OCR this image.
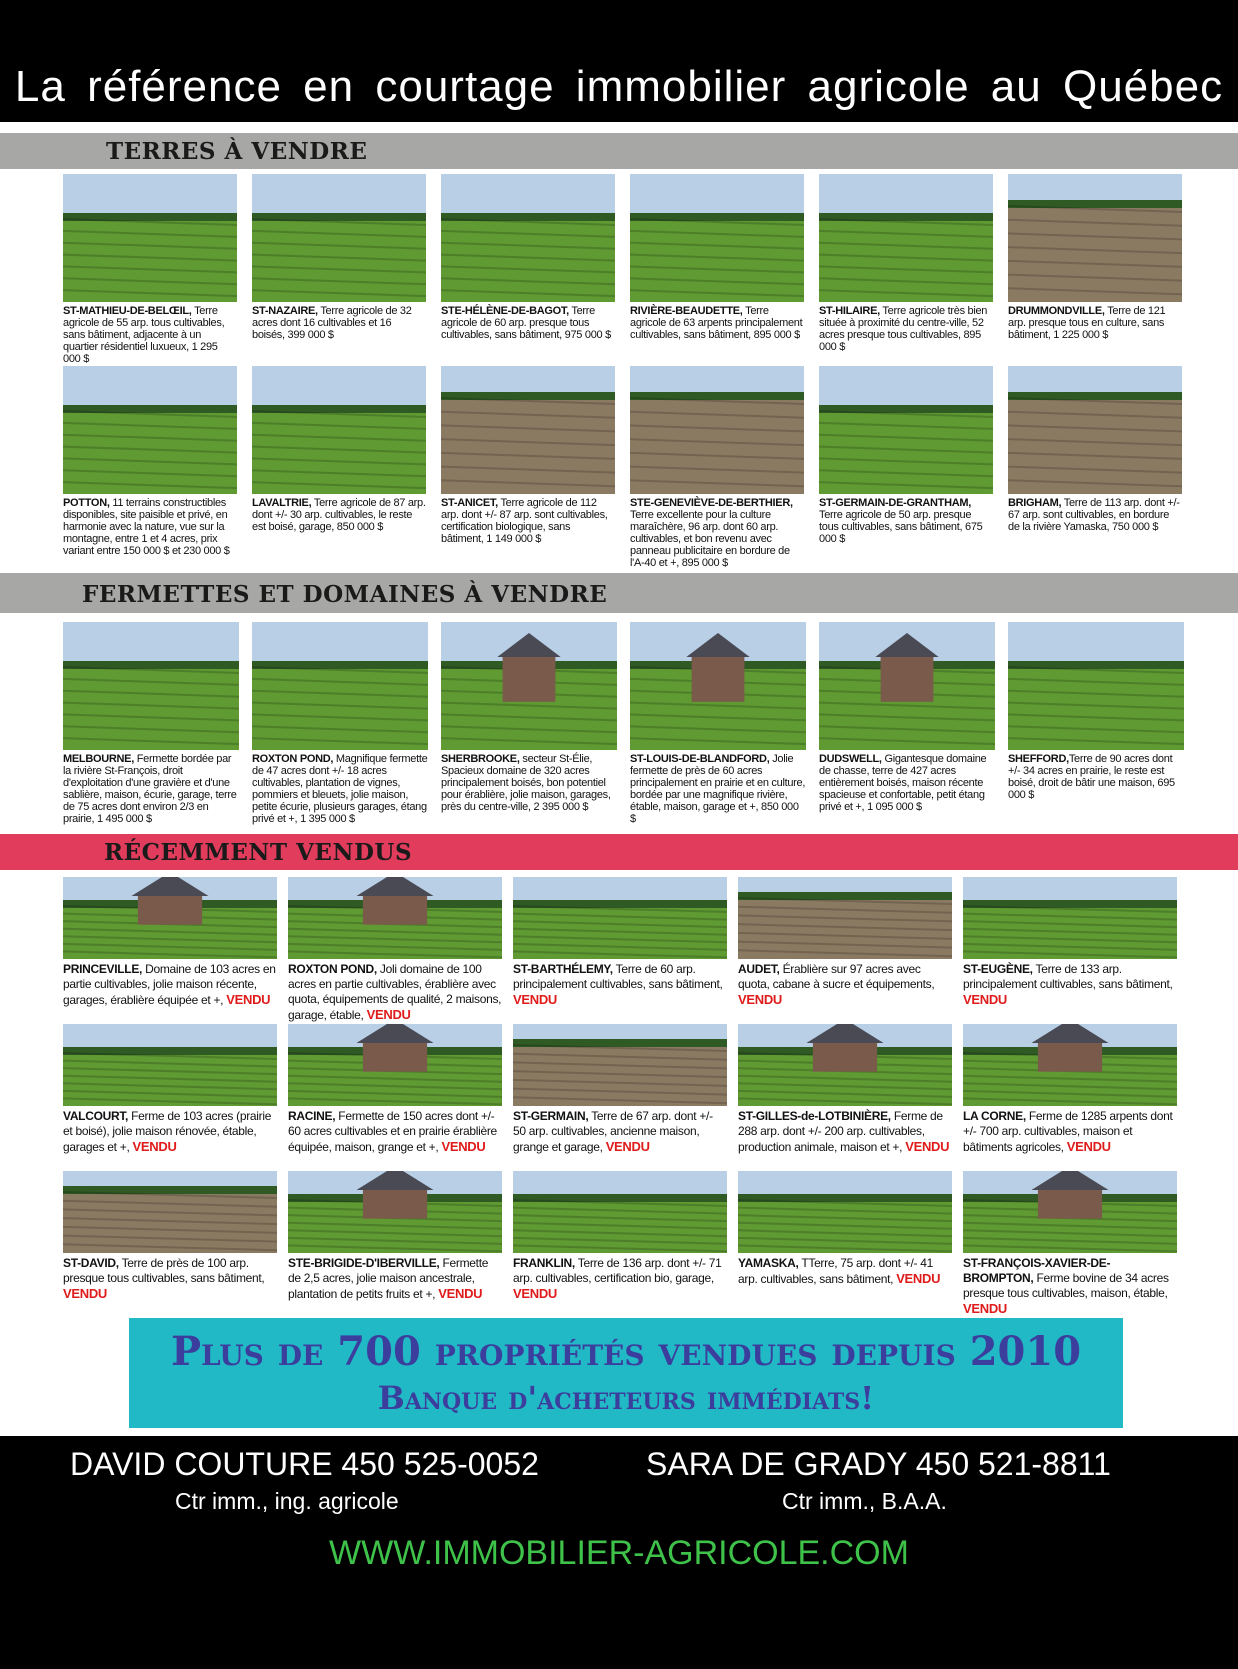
La référence en courtage immobilier agricole au Québec
TERRES À VENDRE
ST-MATHIEU-DE-BELŒIL, Terre agricole de 55 arp. tous cultivables, sans bâtiment, adjacente à un quartier résidentiel luxueux, 1 295 000 $
ST-NAZAIRE, Terre agricole de 32 acres dont 16 cultivables et 16 boisés, 399 000 $
STE-HÉLÈNE-DE-BAGOT, Terre agricole de 60 arp. presque tous cultivables, sans bâtiment, 975 000 $
RIVIÈRE-BEAUDETTE, Terre agricole de 63 arpents principalement cultivables, sans bâtiment, 895 000 $
ST-HILAIRE, Terre agricole très bien située à proximité du centre-ville, 52 acres presque tous cultivables, 895 000 $
DRUMMONDVILLE, Terre de 121 arp. presque tous en culture, sans bâtiment, 1 225 000 $
POTTON, 11 terrains constructibles disponibles, site paisible et privé, en harmonie avec la nature, vue sur la montagne, entre 1 et 4 acres, prix variant entre 150 000 $ et 230 000 $
LAVALTRIE, Terre agricole de 87 arp. dont +/- 30 arp. cultivables, le reste est boisé, garage, 850 000 $
ST-ANICET, Terre agricole de 112 arp. dont +/- 87 arp. sont cultivables, certification biologique, sans bâtiment, 1 149 000 $
STE-GENEVIÈVE-DE-BERTHIER, Terre excellente pour la culture maraîchère, 96 arp. dont 60 arp. cultivables, et bon revenu avec panneau publicitaire en bordure de l'A-40 et +, 895 000 $
ST-GERMAIN-DE-GRANTHAM, Terre agricole de 50 arp. presque tous cultivables, sans bâtiment, 675 000 $
BRIGHAM, Terre de 113 arp. dont +/- 67 arp. sont cultivables, en bordure de la rivière Yamaska, 750 000 $
FERMETTES ET DOMAINES À VENDRE
MELBOURNE, Fermette bordée par la rivière St-François, droit d'exploitation d'une gravière et d'une sablière, maison, écurie, garage, terre de 75 acres dont environ 2/3 en prairie, 1 495 000 $
ROXTON POND, Magnifique fermette de 47 acres dont +/- 18 acres cultivables, plantation de vignes, pommiers et bleuets, jolie maison, petite écurie, plusieurs garages, étang privé et +, 1 395 000 $
SHERBROOKE, secteur St-Élie, Spacieux domaine de 320 acres principalement boisés, bon potentiel pour érablière, jolie maison, garages, près du centre-ville, 2 395 000 $
ST-LOUIS-DE-BLANDFORD, Jolie fermette de près de 60 acres principalement en prairie et en culture, bordée par une magnifique rivière, étable, maison, garage et +, 850 000 $
DUDSWELL, Gigantesque domaine de chasse, terre de 427 acres entièrement boisés, maison récente spacieuse et confortable, petit étang privé et +, 1 095 000 $
SHEFFORD,Terre de 90 acres dont +/- 34 acres en prairie, le reste est boisé, droit de bâtir une maison, 695 000 $
RÉCEMMENT VENDUS
PRINCEVILLE, Domaine de 103 acres en partie cultivables, jolie maison récente, garages, érablière équipée et +, VENDU
ROXTON POND, Joli domaine de 100 acres en partie cultivables, érablière avec quota, équipements de qualité, 2 maisons, garage, étable, VENDU
ST-BARTHÉLEMY, Terre de 60 arp. principalement cultivables, sans bâtiment, VENDU
AUDET, Érablière sur 97 acres avec quota, cabane à sucre et équipements, VENDU
ST-EUGÈNE, Terre de 133 arp. principalement cultivables, sans bâtiment, VENDU
VALCOURT, Ferme de 103 acres (prairie et boisé), jolie maison rénovée, étable, garages et +, VENDU
RACINE, Fermette de 150 acres dont +/- 60 acres cultivables et en prairie érablière équipée, maison, grange et +, VENDU
ST-GERMAIN, Terre de 67 arp. dont +/- 50 arp. cultivables, ancienne maison, grange et garage, VENDU
ST-GILLES-de-LOTBINIÈRE, Ferme de 288 arp. dont +/- 200 arp. cultivables, production animale, maison et +, VENDU
LA CORNE, Ferme de 1285 arpents dont +/- 700 arp. cultivables, maison et bâtiments agricoles, VENDU
ST-DAVID, Terre de près de 100 arp. presque tous cultivables, sans bâtiment, VENDU
STE-BRIGIDE-D'IBERVILLE, Fermette de 2,5 acres, jolie maison ancestrale, plantation de petits fruits et +, VENDU
FRANKLIN, Terre de 136 arp. dont +/- 71 arp. cultivables, certification bio, garage, VENDU
YAMASKA, TTerre, 75 arp. dont +/- 41 arp. cultivables, sans bâtiment, VENDU
ST-FRANÇOIS-XAVIER-DE-BROMPTON, Ferme bovine de 34 acres presque tous cultivables, maison, étable, VENDU
Plus de 700 propriétés vendues depuis 2010
Banque d'acheteurs immédiats!
DAVID COUTURE 450 525-0052
Ctr imm., ing. agricole
SARA DE GRADY 450 521-8811
Ctr imm., B.A.A.
WWW.IMMOBILIER-AGRICOLE.COM
